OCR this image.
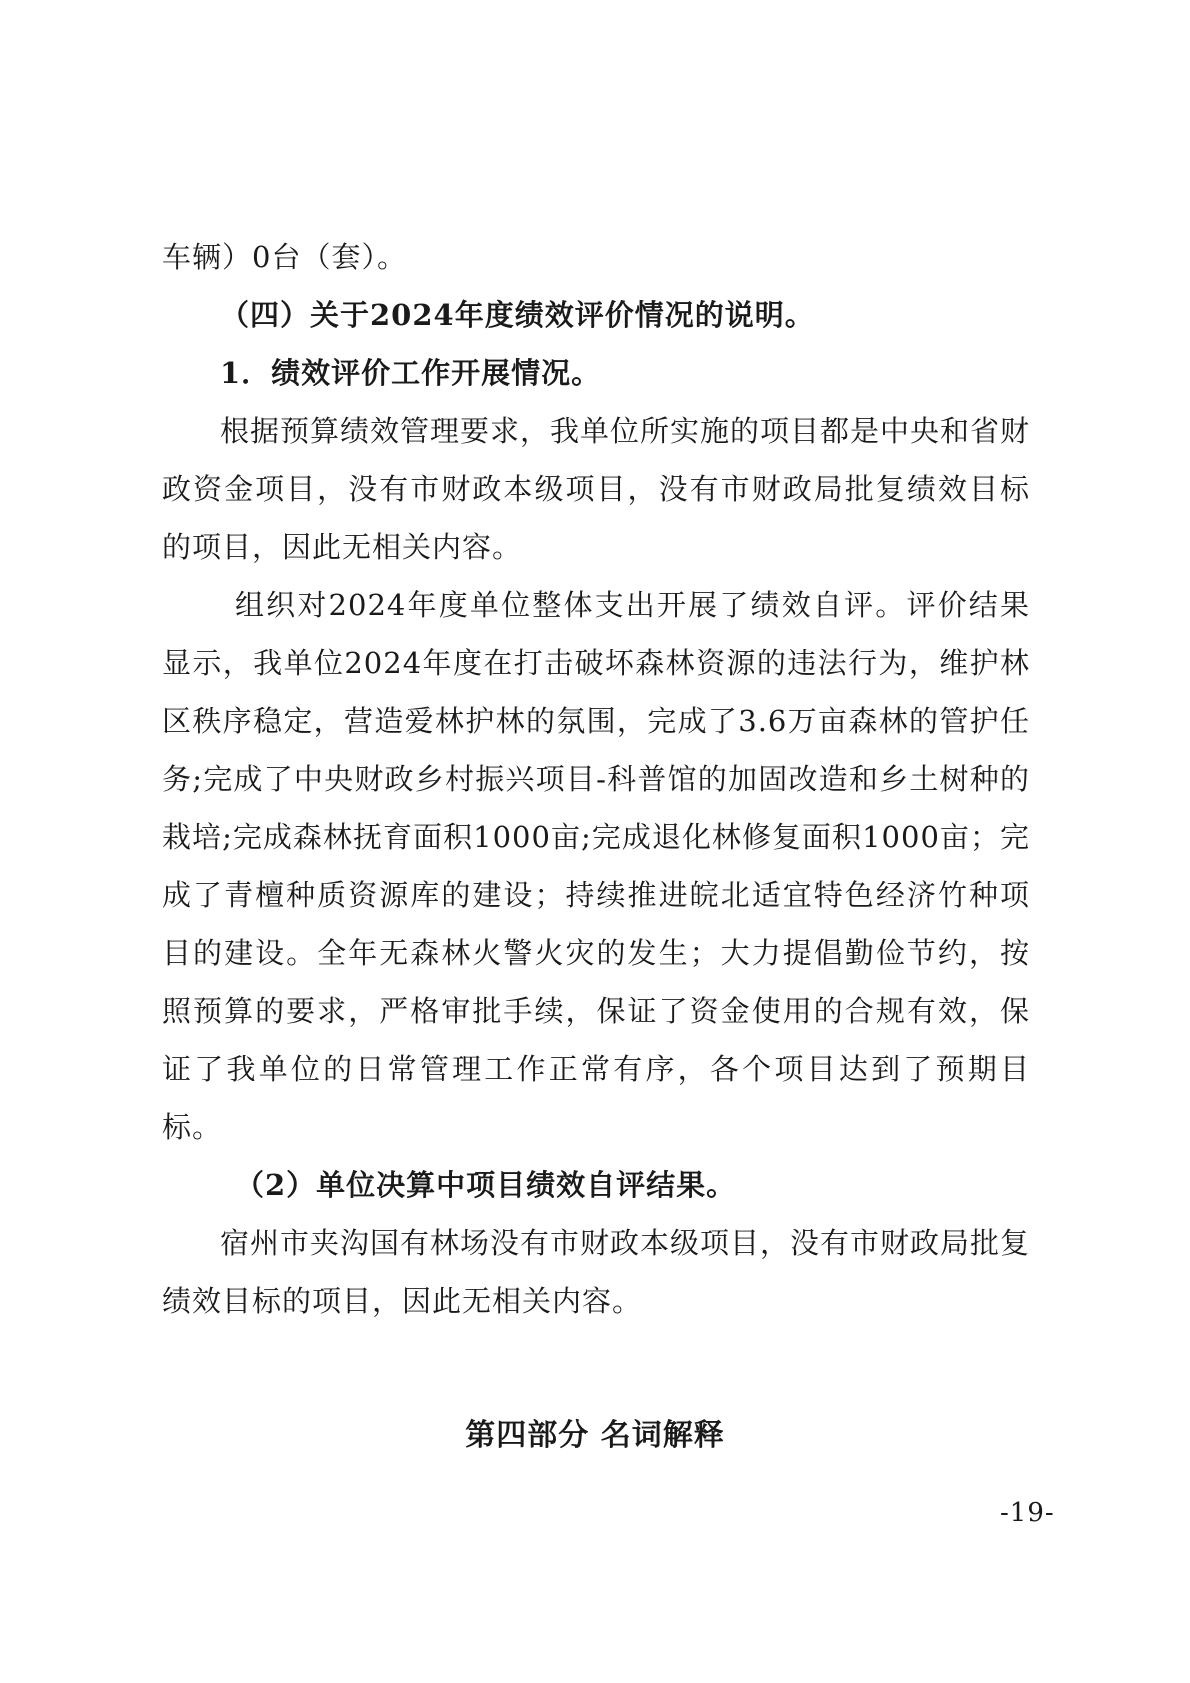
车辆）0台（套）。

（四）关于2024年度绩效评价情况的说明。

1．绩效评价工作开展情况。

根据预算绩效管理要求，我单位所实施的项目都是中央和省财政资金项目，没有市财政本级项目，没有市财政局批复绩效目标的项目，因此无相关内容。

组织对2024年度单位整体支出开展了绩效自评。评价结果显示，我单位2024年度在打击破坏森林资源的违法行为，维护林区秩序稳定，营造爱林护林的氛围，完成了3.6万亩森林的管护任务;完成了中央财政乡村振兴项目-科普馆的加固改造和乡土树种的栽培;完成森林抚育面积1000亩;完成退化林修复面积1000亩；完成了青檀种质资源库的建设；持续推进皖北适宜特色经济竹种项目的建设。全年无森林火警火灾的发生；大力提倡勤俭节约，按照预算的要求，严格审批手续，保证了资金使用的合规有效，保证了我单位的日常管理工作正常有序，各个项目达到了预期目标。

（2）单位决算中项目绩效自评结果。

宿州市夹沟国有林场没有市财政本级项目，没有市财政局批复绩效目标的项目，因此无相关内容。

第四部分 名词解释
-19-
